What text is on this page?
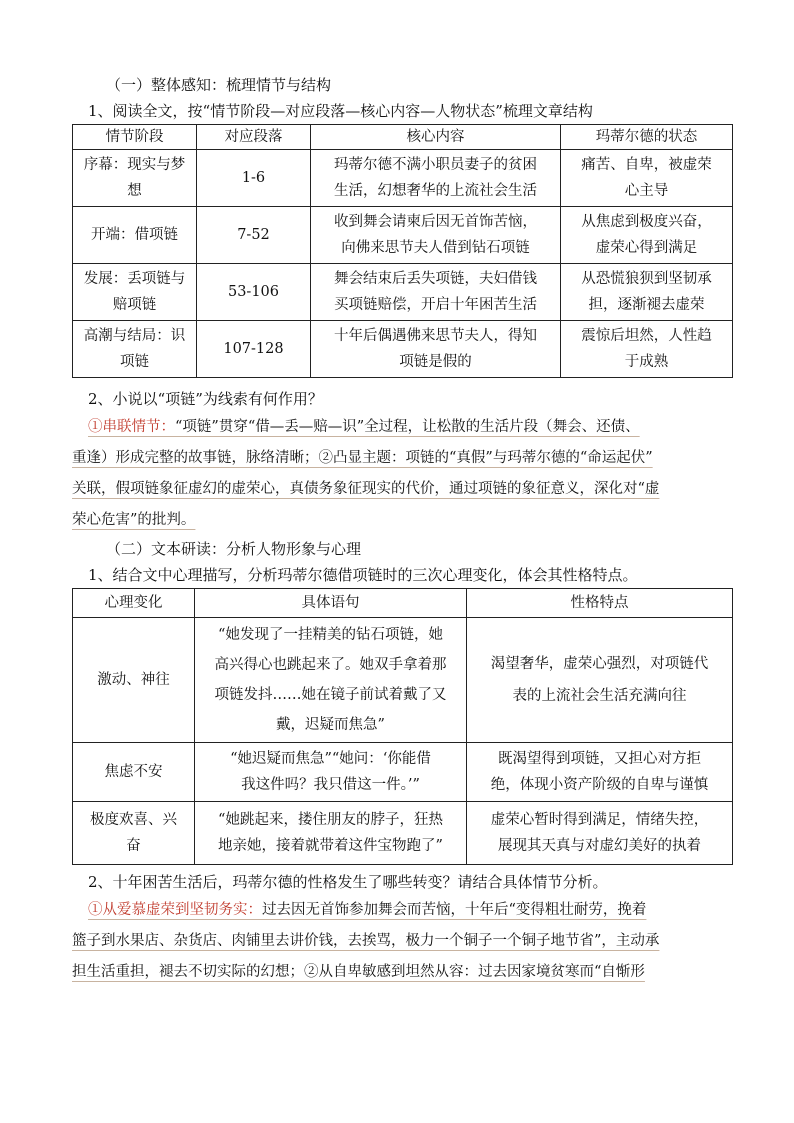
（一）整体感知：梳理情节与结构
1、阅读全文，按“情节阶段—对应段落—核心内容—人物状态”梳理文章结构
情节阶段	对应段落	核心内容	玛蒂尔德的状态

序幕：现实与梦
想	1-6	玛蒂尔德不满小职员妻子的贫困
生活，幻想奢华的上流社会生活	痛苦、自卑，被虚荣
心主导

开端：借项链	7-52	收到舞会请柬后因无首饰苦恼，
向佛来思节夫人借到钻石项链	从焦虑到极度兴奋，
虚荣心得到满足

发展：丢项链与
赔项链	53-106	舞会结束后丢失项链，夫妇借钱
买项链赔偿，开启十年困苦生活	从恐慌狼狈到坚韧承
担，逐渐褪去虚荣

高潮与结局：识
项链	107-128	十年后偶遇佛来思节夫人，得知
项链是假的	震惊后坦然，人性趋
于成熟
2、小说以“项链”为线索有何作用？
①串联情节：“项链”贯穿“借—丢—赔—识”全过程，让松散的生活片段（舞会、还债、
重逢）形成完整的故事链，脉络清晰；②凸显主题：项链的“真假”与玛蒂尔德的“命运起伏”
关联，假项链象征虚幻的虚荣心，真债务象征现实的代价，通过项链的象征意义，深化对“虚
荣心危害”的批判。
（二）文本研读：分析人物形象与心理
1、结合文中心理描写，分析玛蒂尔德借项链时的三次心理变化，体会其性格特点。
心理变化	具体语句	性格特点

激动、神往	“她发现了一挂精美的钻石项链，她
高兴得心也跳起来了。她双手拿着那
项链发抖……她在镜子前试着戴了又
戴，迟疑而焦急”	渴望奢华，虚荣心强烈，对项链代
表的上流社会生活充满向往

焦虑不安	“她迟疑而焦急”“她问：‘你能借
我这件吗？我只借这一件。’”	既渴望得到项链，又担心对方拒
绝，体现小资产阶级的自卑与谨慎

极度欢喜、兴
奋	“她跳起来，搂住朋友的脖子，狂热
地亲她，接着就带着这件宝物跑了”	虚荣心暂时得到满足，情绪失控，
展现其天真与对虚幻美好的执着
2、十年困苦生活后，玛蒂尔德的性格发生了哪些转变？请结合具体情节分析。
①从爱慕虚荣到坚韧务实：过去因无首饰参加舞会而苦恼，十年后“变得粗壮耐劳，挽着
篮子到水果店、杂货店、肉铺里去讲价钱，去挨骂，极力一个铜子一个铜子地节省”，主动承
担生活重担，褪去不切实际的幻想；②从自卑敏感到坦然从容：过去因家境贫寒而“自惭形
